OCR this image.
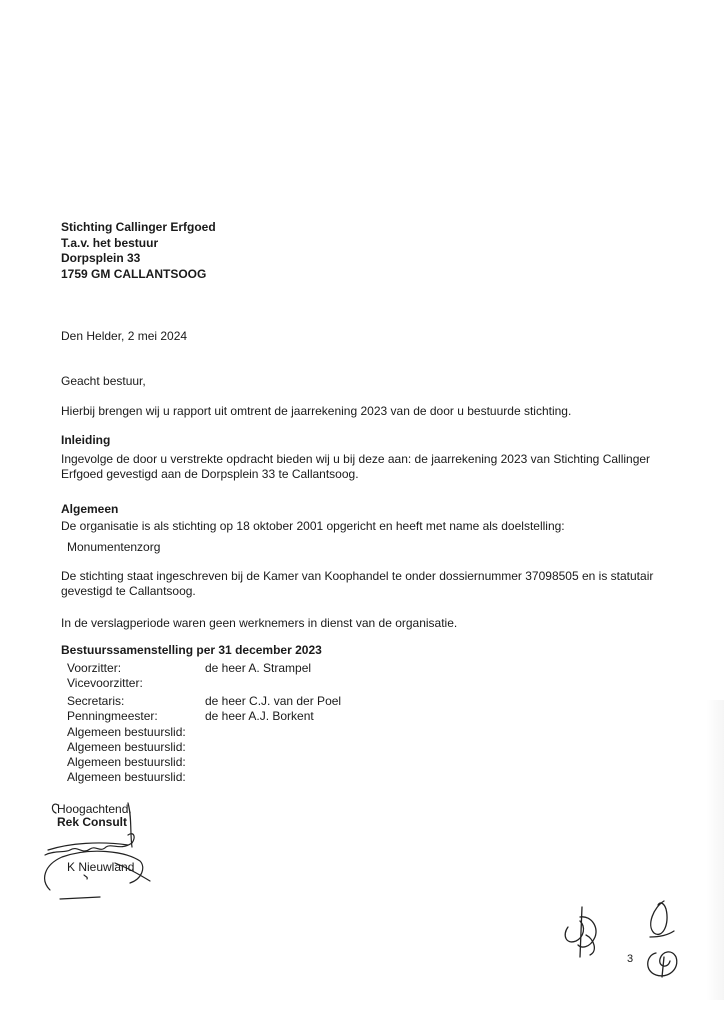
Stichting Callinger Erfgoed
T.a.v. het bestuur
Dorpsplein 33
1759 GM CALLANTSOOG
Den Helder, 2 mei 2024
Geacht bestuur,
Hierbij brengen wij u rapport uit omtrent de jaarrekening 2023 van de door u bestuurde stichting.
Inleiding
Ingevolge de door u verstrekte opdracht bieden wij u bij deze aan: de jaarrekening 2023 van Stichting Callinger Erfgoed gevestigd aan de Dorpsplein 33 te Callantsoog.
Algemeen
De organisatie is als stichting op 18 oktober 2001 opgericht en heeft met name als doelstelling:
Monumentenzorg
De stichting staat ingeschreven bij de Kamer van Koophandel te onder dossiernummer 37098505 en is statutair gevestigd te Callantsoog.
In de verslagperiode waren geen werknemers in dienst van de organisatie.
Bestuurssamenstelling per 31 december 2023
Voorzitter:	de heer A. Strampel
Vicevoorzitter:
Secretaris:	de heer C.J. van der Poel
Penningmeester:	de heer A.J. Borkent
Algemeen bestuurslid:
Algemeen bestuurslid:
Algemeen bestuurslid:
Algemeen bestuurslid:
Hoogachtend,
Rek Consult
K Nieuwland
3
